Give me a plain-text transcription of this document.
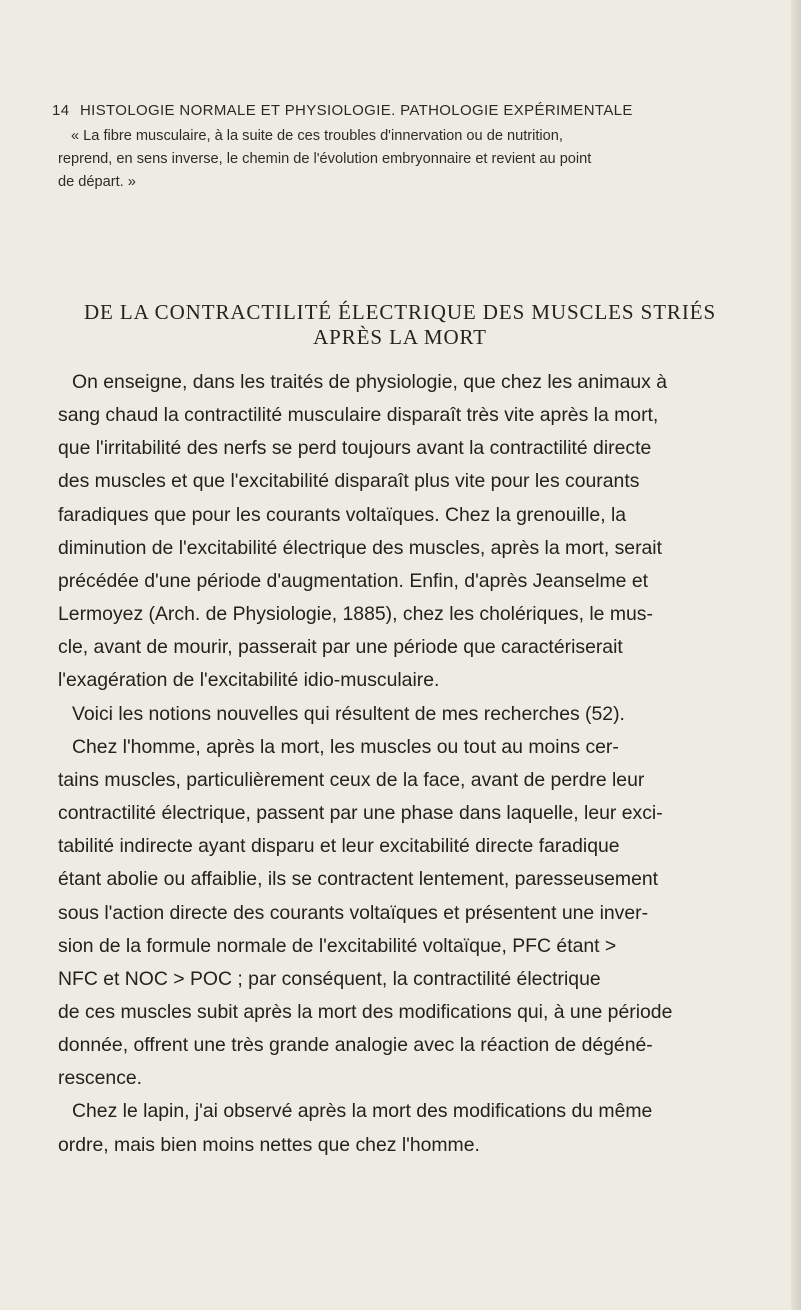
14 HISTOLOGIE NORMALE ET PHYSIOLOGIE. PATHOLOGIE EXPÉRIMENTALE
« La fibre musculaire, à la suite de ces troubles d'innervation ou de nutrition,
reprend, en sens inverse, le chemin de l'évolution embryonnaire et revient au point
de départ. »
DE LA CONTRACTILITÉ ÉLECTRIQUE DES MUSCLES STRIÉS
APRÈS LA MORT
On enseigne, dans les traités de physiologie, que chez les animaux à
sang chaud la contractilité musculaire disparaît très vite après la mort,
que l'irritabilité des nerfs se perd toujours avant la contractilité directe
des muscles et que l'excitabilité disparaît plus vite pour les courants
faradiques que pour les courants voltaïques. Chez la grenouille, la
diminution de l'excitabilité électrique des muscles, après la mort, serait
précédée d'une période d'augmentation. Enfin, d'après Jeanselme et
Lermoyez (Arch. de Physiologie, 1885), chez les cholériques, le mus-
cle, avant de mourir, passerait par une période que caractériserait
l'exagération de l'excitabilité idio-musculaire.
Voici les notions nouvelles qui résultent de mes recherches (52).
Chez l'homme, après la mort, les muscles ou tout au moins cer-
tains muscles, particulièrement ceux de la face, avant de perdre leur
contractilité électrique, passent par une phase dans laquelle, leur exci-
tabilité indirecte ayant disparu et leur excitabilité directe faradique
étant abolie ou affaiblie, ils se contractent lentement, paresseusement
sous l'action directe des courants voltaïques et présentent une inver-
sion de la formule normale de l'excitabilité voltaïque, PFC étant >
NFC et NOC > POC ; par conséquent, la contractilité électrique
de ces muscles subit après la mort des modifications qui, à une période
donnée, offrent une très grande analogie avec la réaction de dégéné-
rescence.
Chez le lapin, j'ai observé après la mort des modifications du même
ordre, mais bien moins nettes que chez l'homme.
